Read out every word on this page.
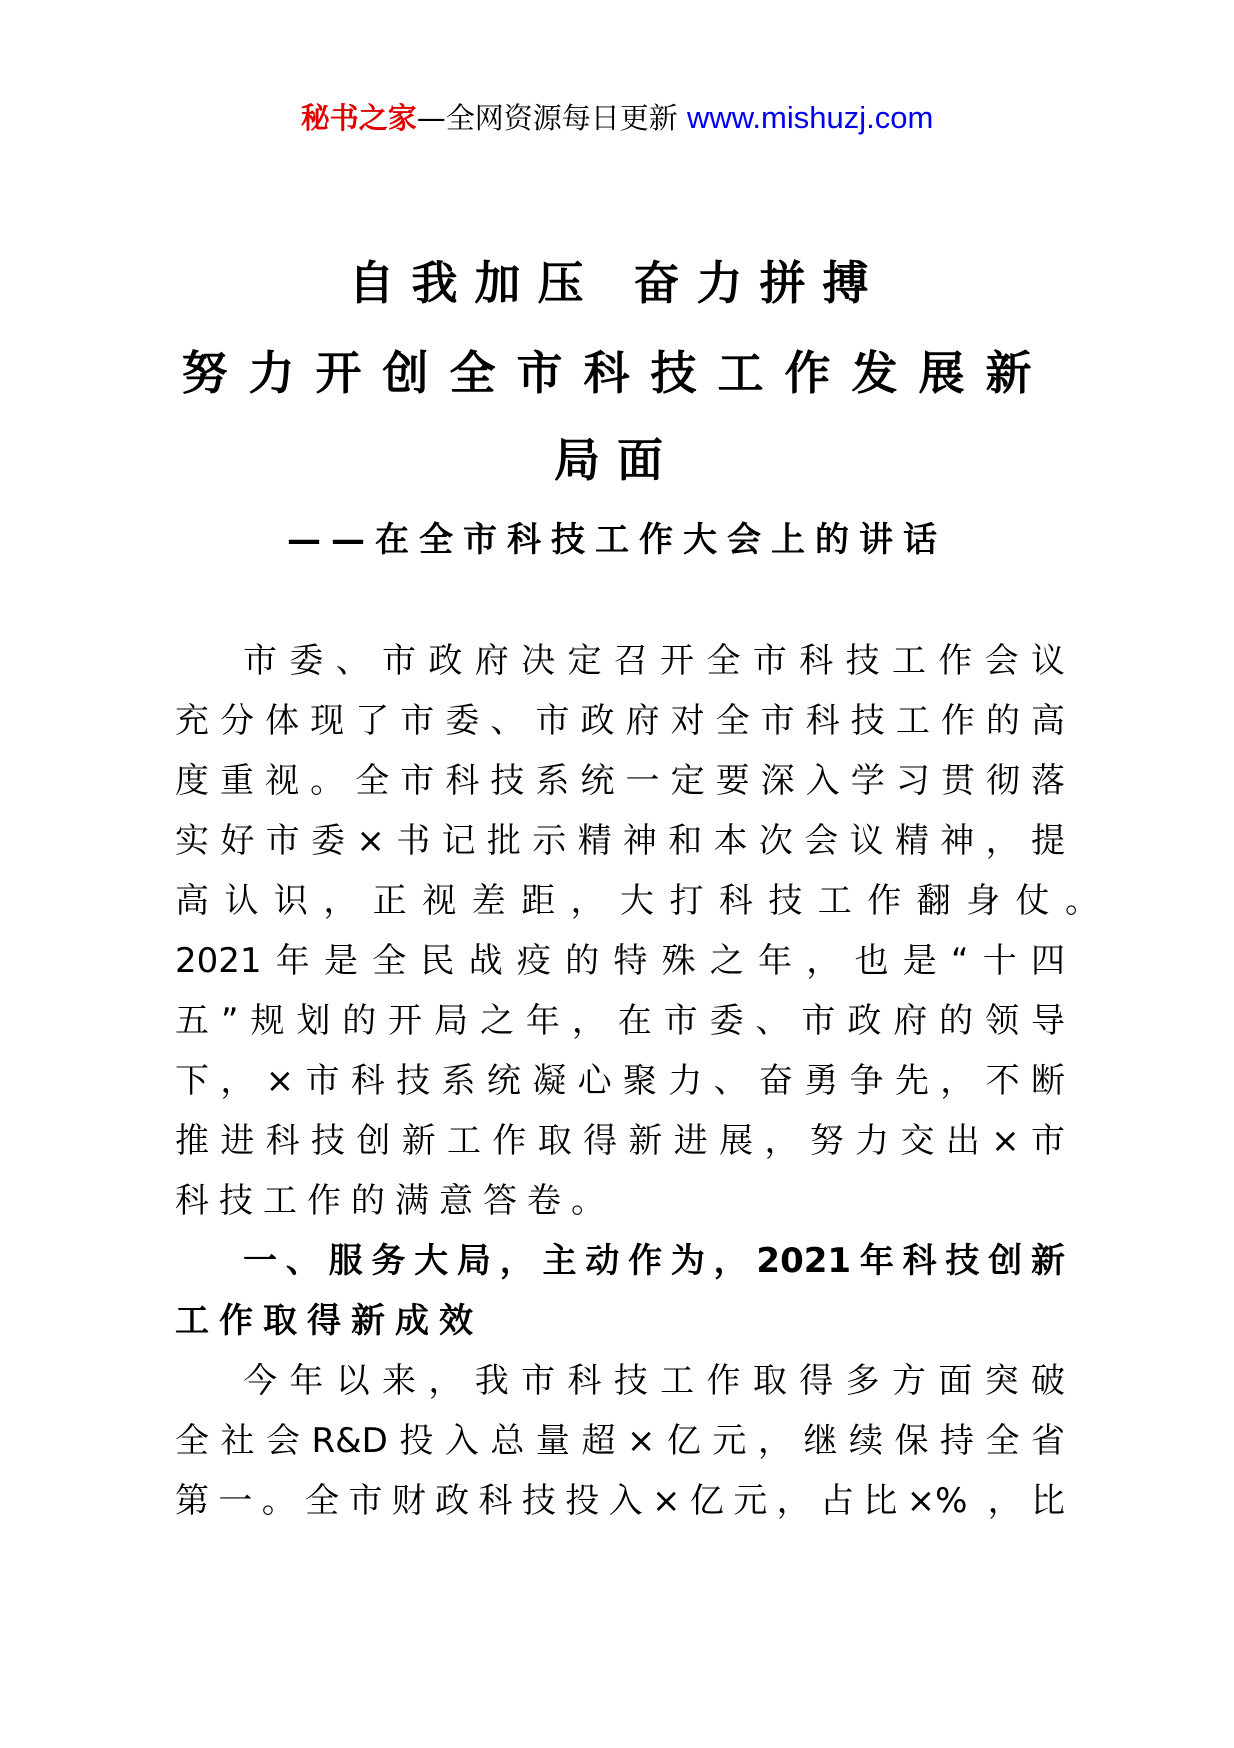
秘书之家—全网资源每日更新 www.mishuzj.com
自我加压 奋力拼搏
努力开创全市科技工作发展新
局面
——在全市科技工作大会上的讲话
市委、市政府决定召开全市科技工作会议
充分体现了市委、市政府对全市科技工作的高
度重视。全市科技系统一定要深入学习贯彻落
实好市委×书记批示精神和本次会议精神，提
高认识，正视差距，大打科技工作翻身仗。
2021年是全民战疫的特殊之年，也是“十四
五”规划的开局之年，在市委、市政府的领导
下，×市科技系统凝心聚力、奋勇争先，不断
推进科技创新工作取得新进展，努力交出×市
科技工作的满意答卷。
一、服务大局，主动作为，2021年科技创新
工作取得新成效
今年以来，我市科技工作取得多方面突破
全社会R&D投入总量超×亿元，继续保持全省
第一。全市财政科技投入×亿元，占比×% ，比
